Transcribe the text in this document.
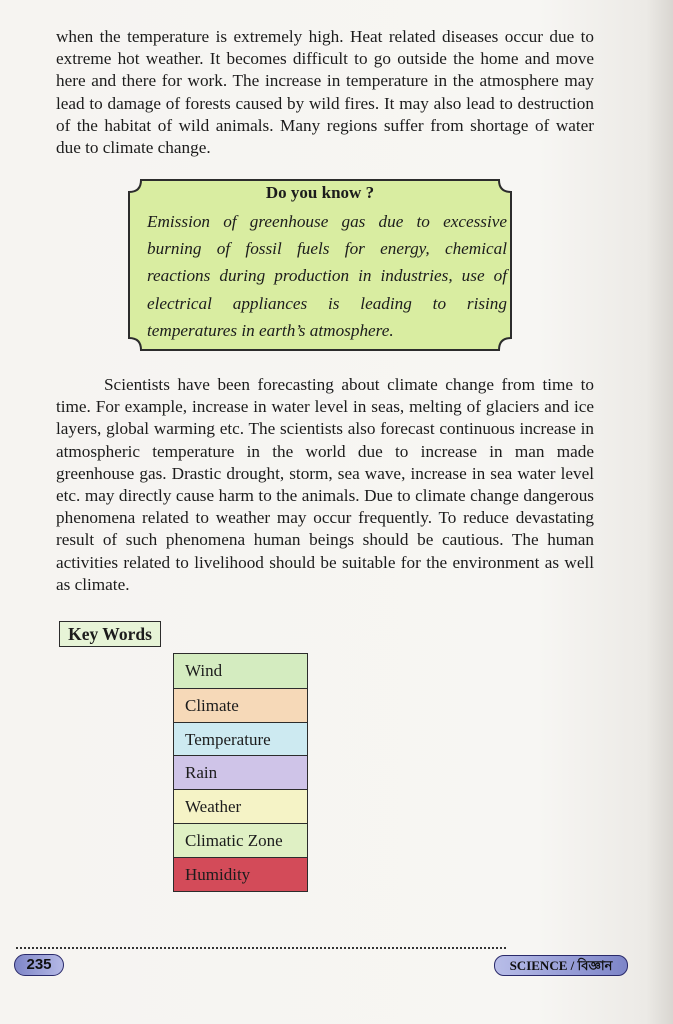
when the temperature is extremely high. Heat related diseases occur due to extreme hot weather. It becomes difficult to go outside the home and move here and there for work. The increase in temperature in the atmosphere may lead to damage of forests caused by wild fires. It may also lead to destruction of the habitat of wild animals. Many regions suffer from shortage of water due to climate change.

Do you know ?

Emission of greenhouse gas due to excessive burning of fossil fuels for energy, chemical reactions during production in industries, use of electrical appliances is leading to rising temperatures in earth’s atmosphere.

Scientists have been forecasting about climate change from time to time. For example, increase in water level in seas, melting of glaciers and ice layers, global warming etc. The scientists also forecast continuous increase in atmospheric temperature in the world due to increase in man made greenhouse gas. Drastic drought, storm, sea wave, increase in sea water level etc. may directly cause harm to the animals. Due to climate change dangerous phenomena related to weather may occur frequently. To reduce devastating result of such phenomena human beings should be cautious. The human activities related to livelihood should be suitable for the environment as well as climate.

Key Words
Wind
Climate
Temperature
Rain
Weather
Climatic Zone
Humidity
235	SCIENCE / বিজ্ঞান
